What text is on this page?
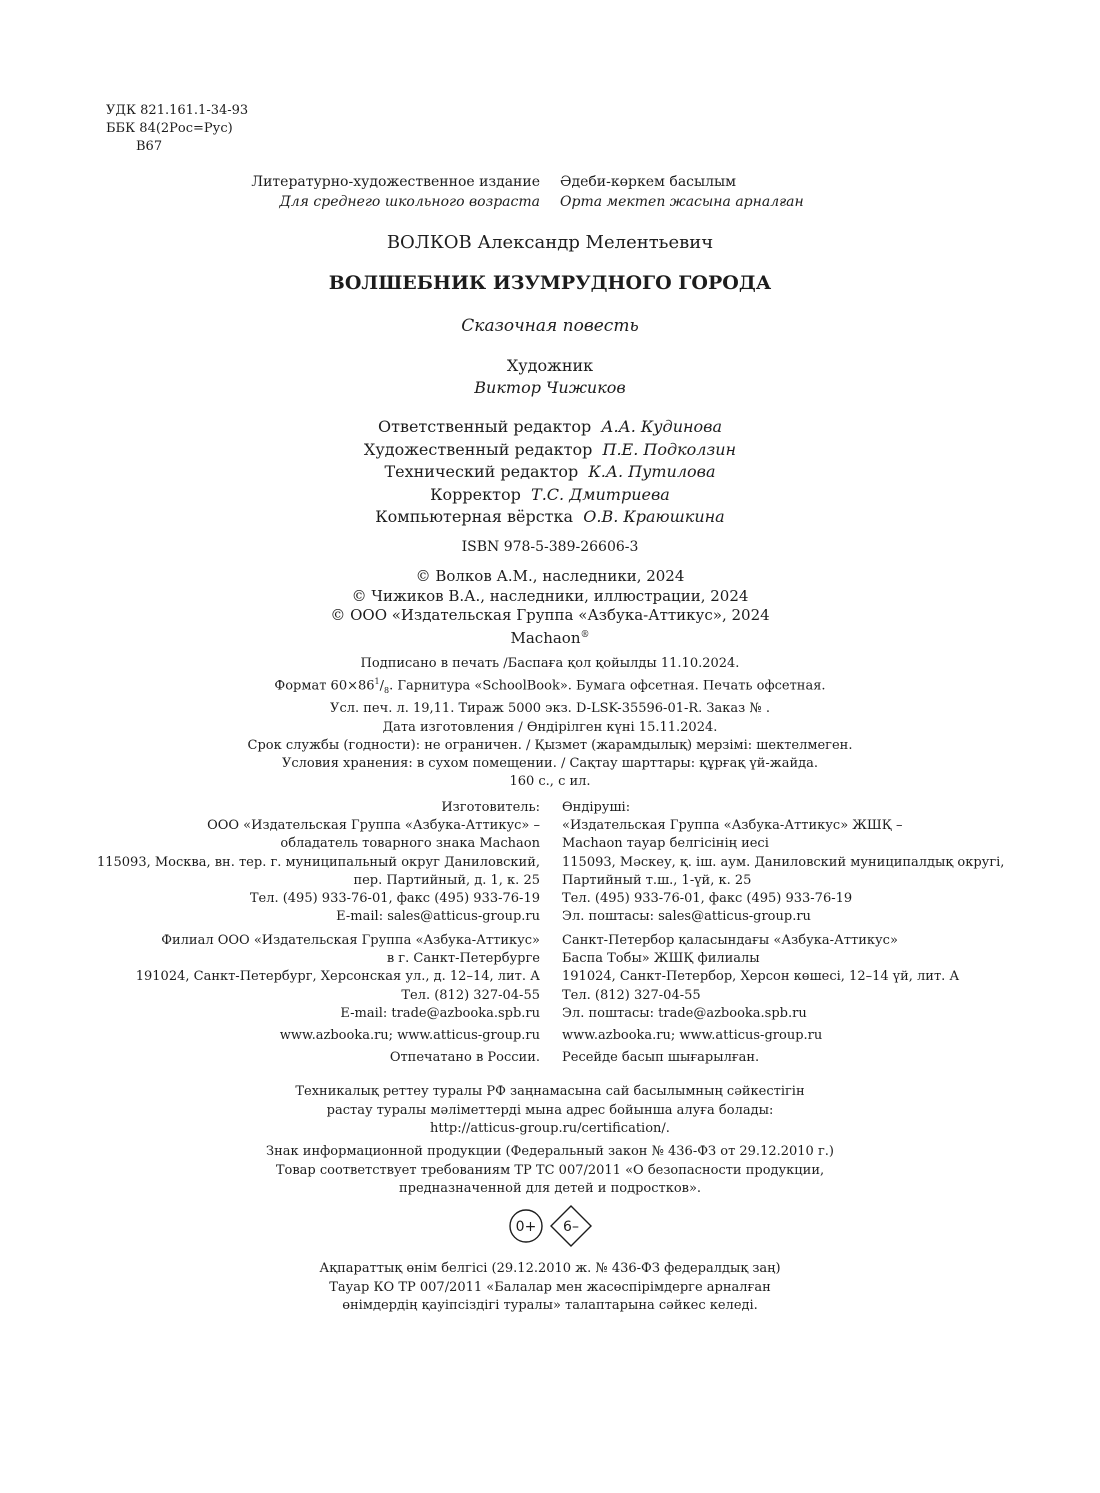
УДК 821.161.1-34-93
ББК 84(2Рос=Рус)
В67
Литературно-художественное издание Әдеби-көркем басылым
Для среднего школьного возраста Орта мектеп жасына арналған
ВОЛКОВ Александр Мелентьевич
ВОЛШЕБНИК ИЗУМРУДНОГО ГОРОДА
Сказочная повесть
Художник
Виктор Чижиков
Ответственный редактор А.А. Кудинова
Художественный редактор П.Е. Подколзин
Технический редактор К.А. Путилова
Корректор Т.С. Дмитриева
Компьютерная вёрстка О.В. Краюшкина
ISBN 978-5-389-26606-3
© Волков А.М., наследники, 2024
© Чижиков В.А., наследники, иллюстрации, 2024
© ООО «Издательская Группа «Азбука-Аттикус», 2024
Machaon®
Подписано в печать /Баспаға қол қойылды 11.10.2024.
Формат $60\times 86^1/_8$. Гарнитура «SchoolBook». Бумага офсетная. Печать офсетная.
Усл. печ. л. 19,11. Тираж 5000 экз. D-LSK-35596-01-R. Заказ № .
Дата изготовления / Өндірілген күні 15.11.2024.
Срок службы (годности): не ограничен. / Қызмет (жарамдылық) мерзімі: шектелмеген.
Условия хранения: в сухом помещении. / Сақтау шарттары: құрғақ үй-жайда.
160 с., с ил.
Изготовитель:
ООО «Издательская Группа «Азбука-Аттикус» –
обладатель товарного знака Machaon
115093, Москва, вн. тер. г. муниципальный округ Даниловский,
пер. Партийный, д. 1, к. 25
Тел. (495) 933-76-01, факс (495) 933-76-19
E-mail: sales@atticus-group.ru
Өндіруші:
«Издательская Группа «Азбука-Аттикус» ЖШҚ –
Machaon тауар белгісінің иесі
115093, Мәскеу, қ. іш. аум. Даниловский муниципалдық округі,
Партийный т.ш., 1-үй, к. 25
Тел. (495) 933-76-01, факс (495) 933-76-19
Эл. поштасы: sales@atticus-group.ru
Филиал ООО «Издательская Группа «Азбука-Аттикус»
в г. Санкт-Петербурге
191024, Санкт-Петербург, Херсонская ул., д. 12–14, лит. А
Тел. (812) 327-04-55
E-mail: trade@azbooka.spb.ru
Санкт-Петербор қаласындағы «Азбука-Аттикус»
Баспа Тобы» ЖШҚ филиалы
191024, Санкт-Петербор, Херсон көшесі, 12–14 үй, лит. А
Тел. (812) 327-04-55
Эл. поштасы: trade@azbooka.spb.ru
www.azbooka.ru; www.atticus-group.ru www.azbooka.ru; www.atticus-group.ru
Отпечатано в России. Ресейде басып шығарылған.
Техникалық реттеу туралы РФ заңнамасына сай басылымның сәйкестігін
растау туралы мәліметтерді мына адрес бойынша алуға болады:
http://atticus-group.ru/certification/.
Знак информационной продукции (Федеральный закон № 436-ФЗ от 29.12.2010 г.)
Товар соответствует требованиям ТР ТС 007/2011 «О безопасности продукции,
предназначенной для детей и подростков».
0+ 6–
Ақпараттық өнім белгісі (29.12.2010 ж. № 436-ФЗ федералдық заң)
Тауар КО ТР 007/2011 «Балалар мен жасөспірімдерге арналған
өнімдердің қауіпсіздігі туралы» талаптарына сәйкес келеді.
